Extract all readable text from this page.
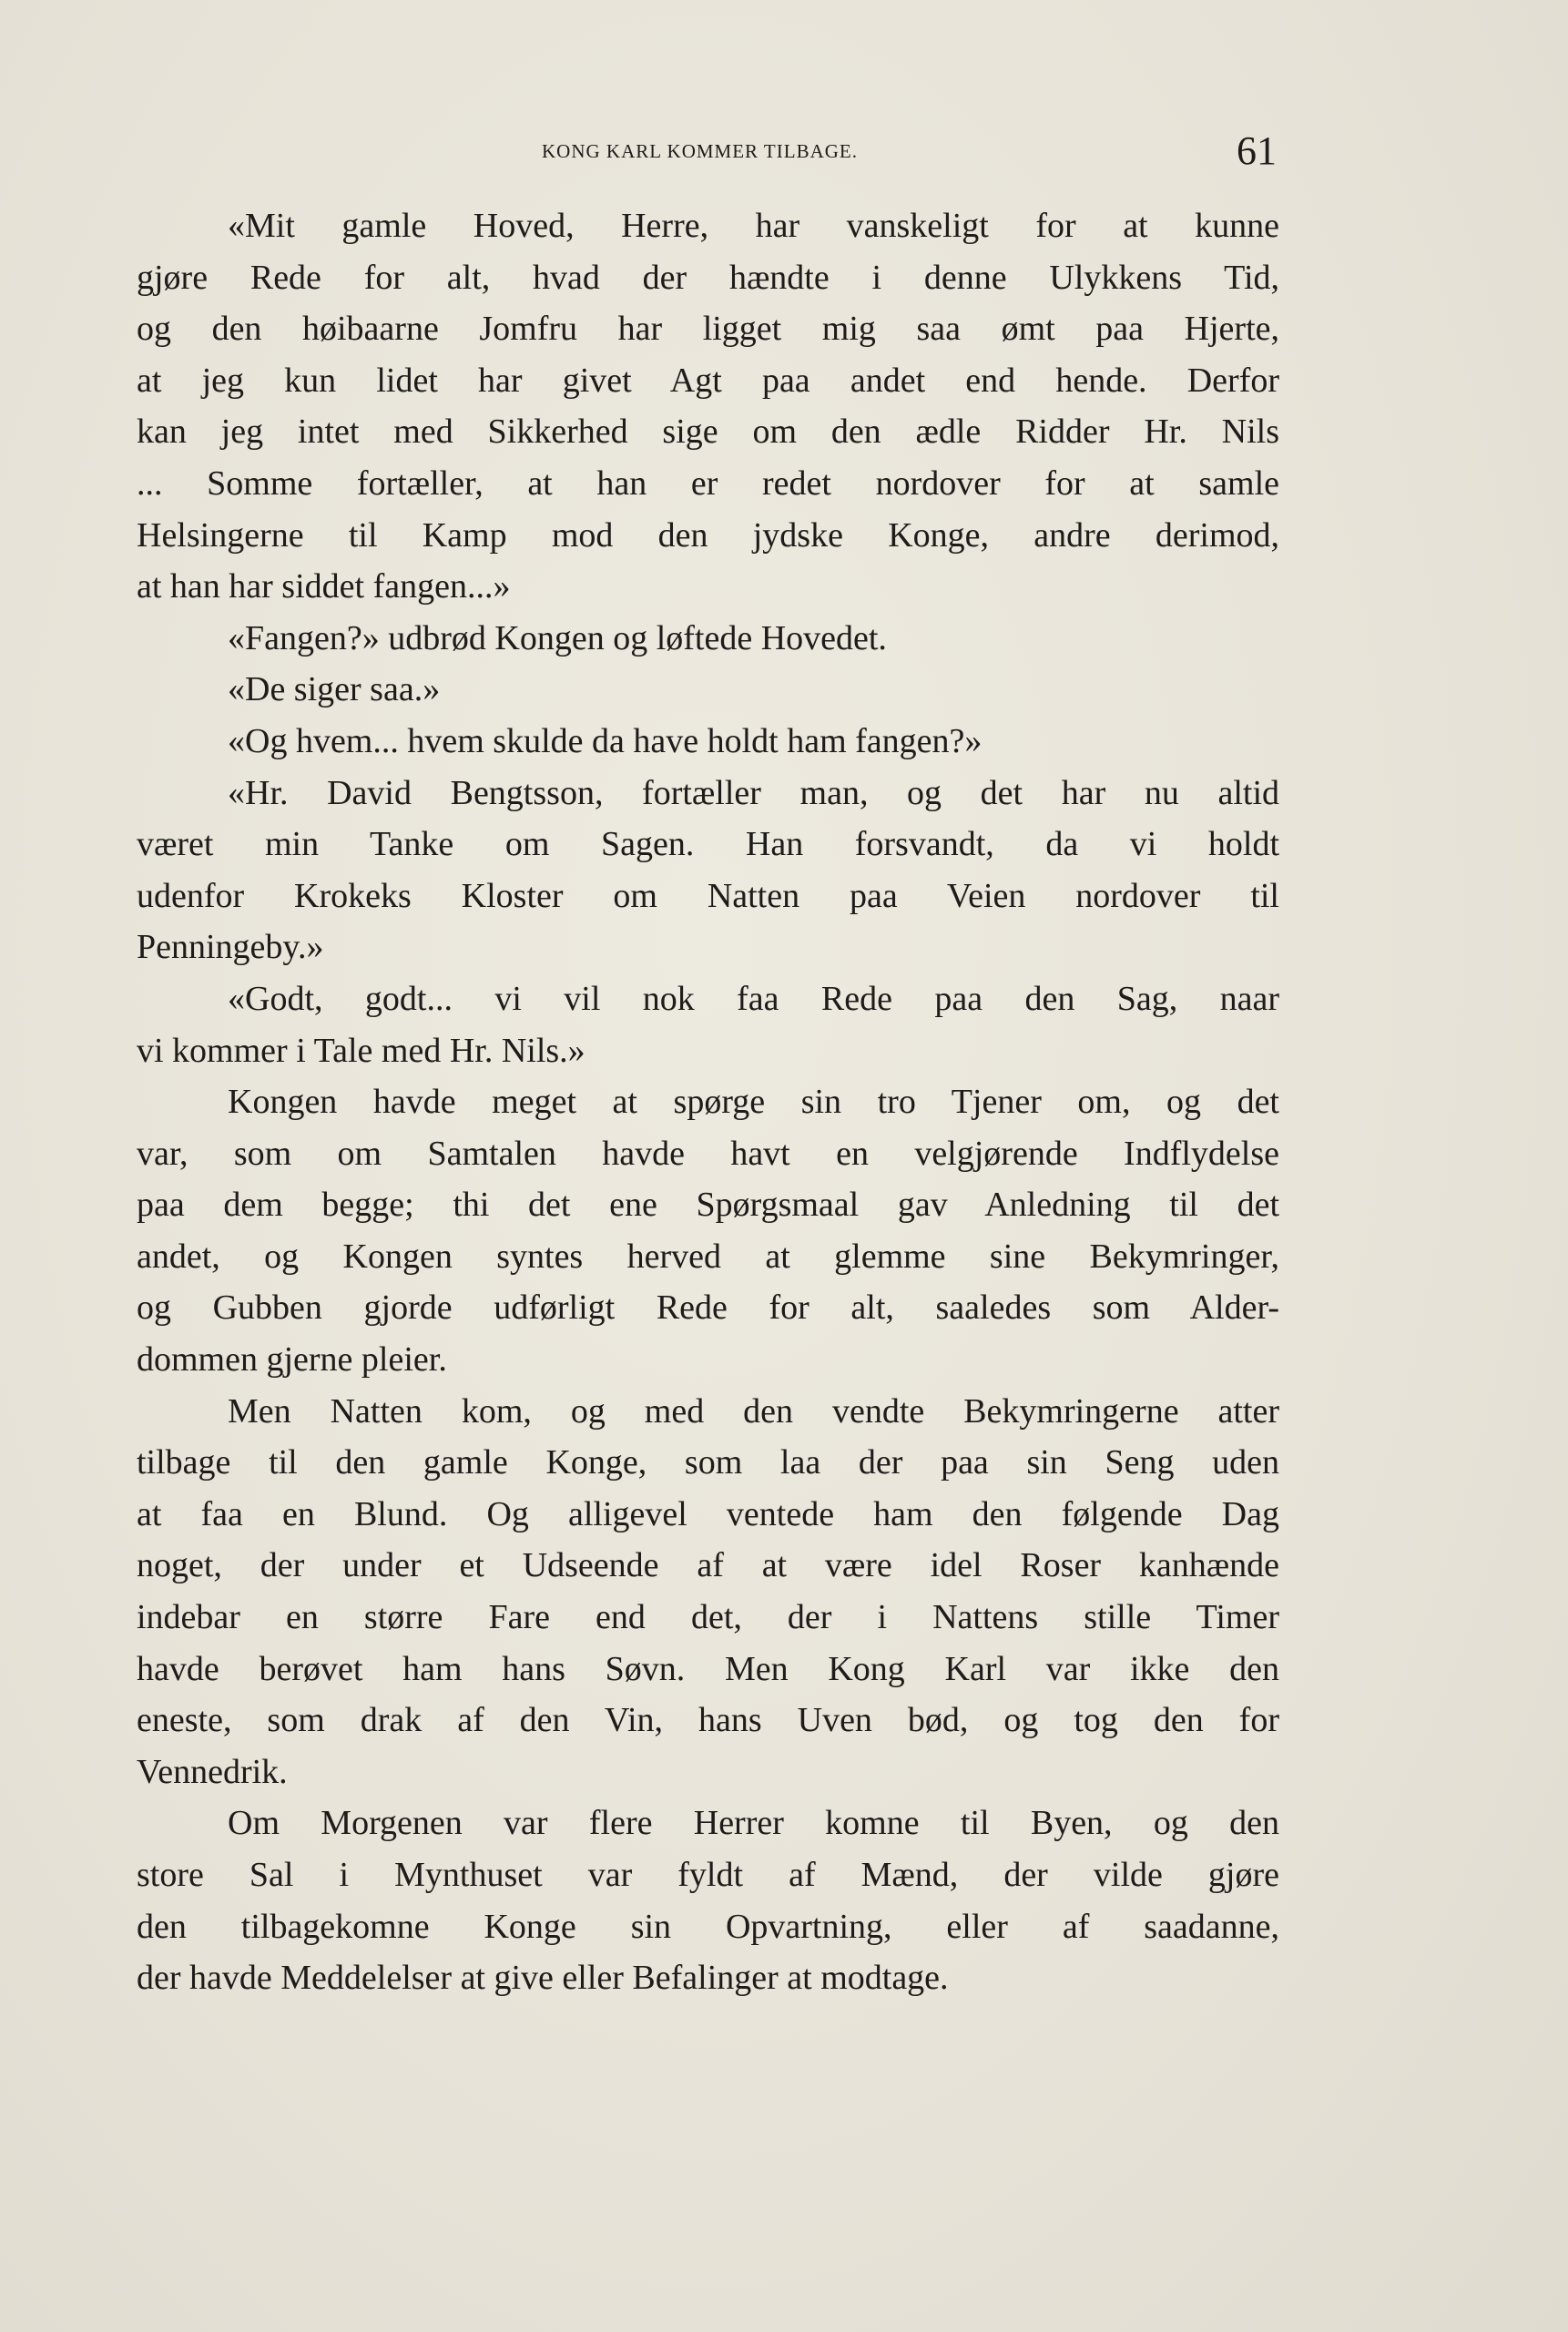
KONG KARL KOMMER TILBAGE.	61
«Mit gamle Hoved, Herre, har vanskeligt for at kunne
gjøre Rede for alt, hvad der hændte i denne Ulykkens Tid,
og den høibaarne Jomfru har ligget mig saa ømt paa Hjerte,
at jeg kun lidet har givet Agt paa andet end hende. Derfor
kan jeg intet med Sikkerhed sige om den ædle Ridder Hr. Nils
... Somme fortæller, at han er redet nordover for at samle
Helsingerne til Kamp mod den jydske Konge, andre derimod,
at han har siddet fangen...»
«Fangen?» udbrød Kongen og løftede Hovedet.
«De siger saa.»
«Og hvem... hvem skulde da have holdt ham fangen?»
«Hr. David Bengtsson, fortæller man, og det har nu altid
været min Tanke om Sagen. Han forsvandt, da vi holdt
udenfor Krokeks Kloster om Natten paa Veien nordover til
Penningeby.»
«Godt, godt... vi vil nok faa Rede paa den Sag, naar
vi kommer i Tale med Hr. Nils.»
Kongen havde meget at spørge sin tro Tjener om, og det
var, som om Samtalen havde havt en velgjørende Indflydelse
paa dem begge; thi det ene Spørgsmaal gav Anledning til det
andet, og Kongen syntes herved at glemme sine Bekymringer,
og Gubben gjorde udførligt Rede for alt, saaledes som Alder-
dommen gjerne pleier.
Men Natten kom, og med den vendte Bekymringerne atter
tilbage til den gamle Konge, som laa der paa sin Seng uden
at faa en Blund. Og alligevel ventede ham den følgende Dag
noget, der under et Udseende af at være idel Roser kanhænde
indebar en større Fare end det, der i Nattens stille Timer
havde berøvet ham hans Søvn. Men Kong Karl var ikke den
eneste, som drak af den Vin, hans Uven bød, og tog den for
Vennedrik.
Om Morgenen var flere Herrer komne til Byen, og den
store Sal i Mynthuset var fyldt af Mænd, der vilde gjøre
den tilbagekomne Konge sin Opvartning, eller af saadanne,
der havde Meddelelser at give eller Befalinger at modtage.
